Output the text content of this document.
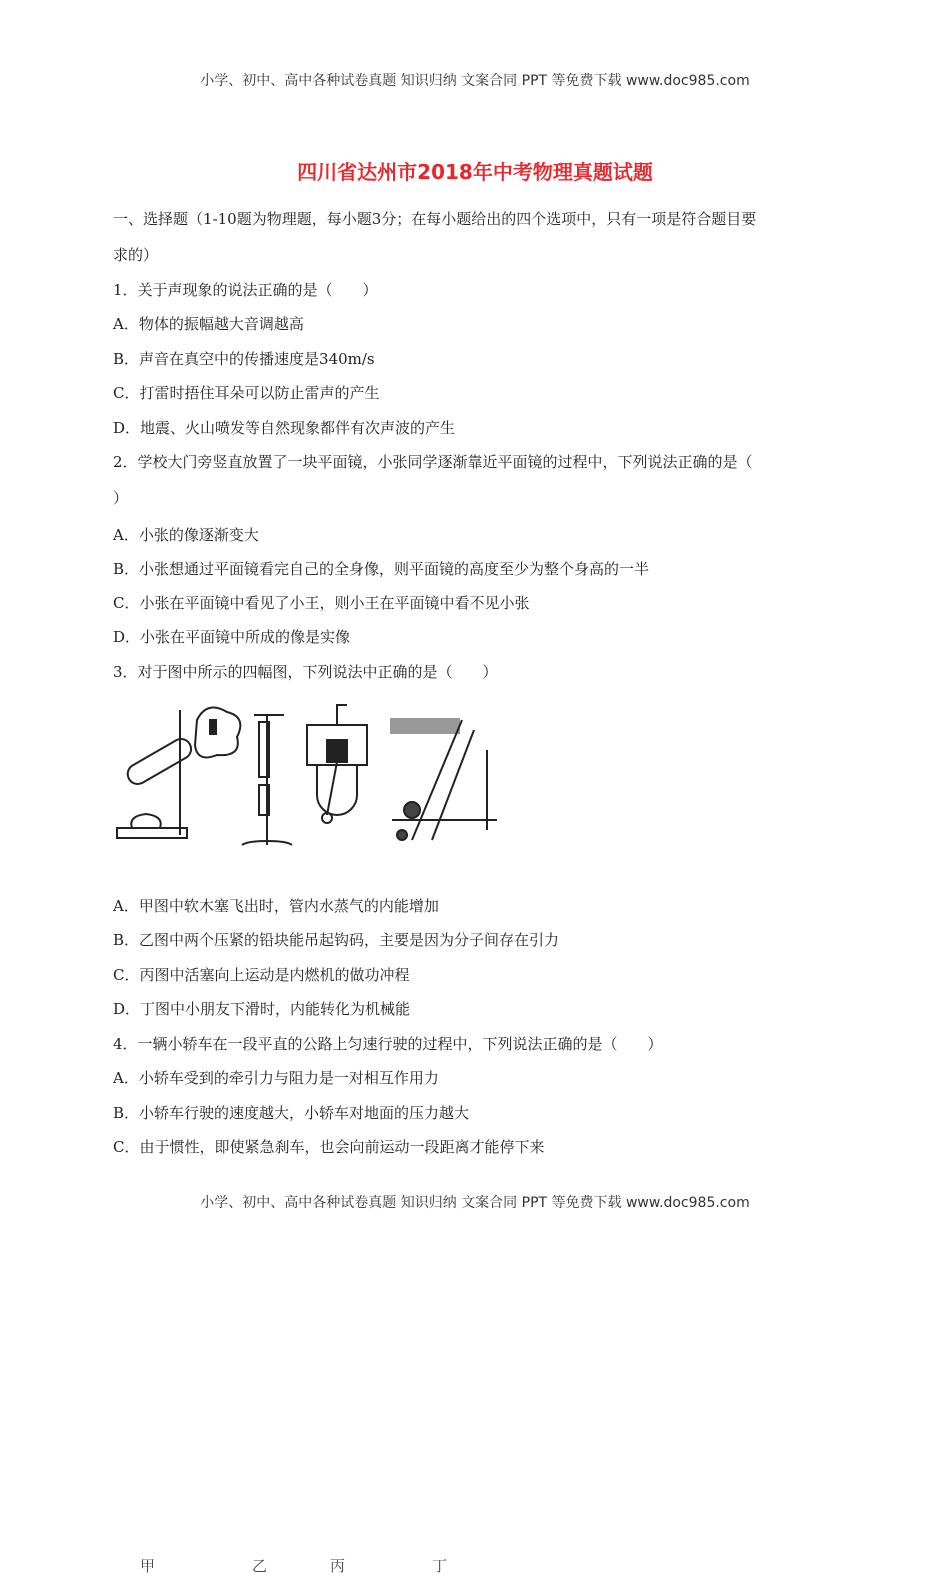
小学、初中、高中各种试卷真题 知识归纳 文案合同 PPT 等免费下载 www.doc985.com
四川省达州市2018年中考物理真题试题
一、选择题（1-10题为物理题，每小题3分；在每小题给出的四个选项中，只有一项是符合题目要
求的）
1．关于声现象的说法正确的是（　　）
A．物体的振幅越大音调越高
B．声音在真空中的传播速度是340m/s
C．打雷时捂住耳朵可以防止雷声的产生
D．地震、火山喷发等自然现象都伴有次声波的产生
2．学校大门旁竖直放置了一块平面镜，小张同学逐渐靠近平面镜的过程中，下列说法正确的是（
）
A．小张的像逐渐变大
B．小张想通过平面镜看完自己的全身像，则平面镜的高度至少为整个身高的一半
C．小张在平面镜中看见了小王，则小王在平面镜中看不见小张
D．小张在平面镜中所成的像是实像
3．对于图中所示的四幅图，下列说法中正确的是（　　）
甲	乙	丙	丁
A．甲图中软木塞飞出时，管内水蒸气的内能增加
B．乙图中两个压紧的铅块能吊起钩码，主要是因为分子间存在引力
C．丙图中活塞向上运动是内燃机的做功冲程
D．丁图中小朋友下滑时，内能转化为机械能
4．一辆小轿车在一段平直的公路上匀速行驶的过程中，下列说法正确的是（　　）
A．小轿车受到的牵引力与阻力是一对相互作用力
B．小轿车行驶的速度越大，小轿车对地面的压力越大
C．由于惯性，即使紧急刹车，也会向前运动一段距离才能停下来
小学、初中、高中各种试卷真题 知识归纳 文案合同 PPT 等免费下载 www.doc985.com
